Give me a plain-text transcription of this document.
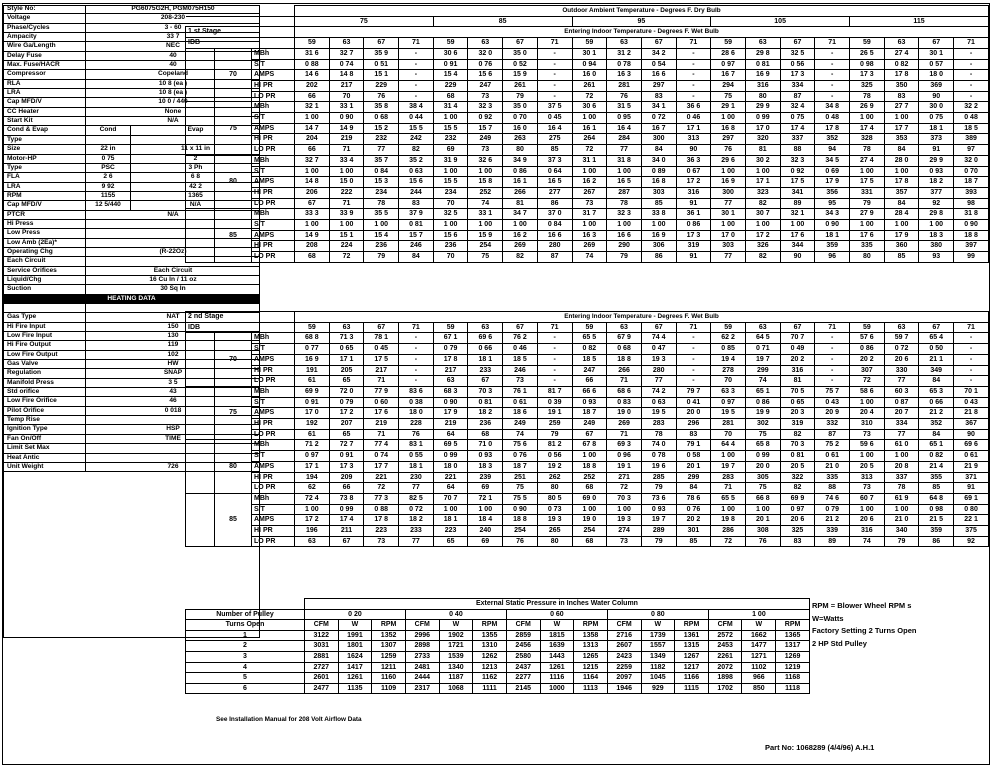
Style No:	PG6075G2H, PGM075H150	
Voltage	208-230	
Phase/Cycles	3 - 60	
Ampacity	33 7	
Wire Ga/Length	NEC	
Delay Fuse	40	
Max. Fuse/HACR	40	
Compressor	Copeland	
RLA	10 8 (ea )	
LRA	10 8 (ea )	
Cap MFD/V	10 0 / 440	
CC Heater	None	
Start Kit	N/A	
Cond & Evap	Cond	Evap
Type		
Size	22 in	11 x 11 in
Motor-HP	0 75	2
Type	PSC	3 Ph
FLA	2 6	6 8
LRA	9 92	42 2
RPM	1155	1365
Cap MFD/V	12 5/440	N/A
PTCR	N/A	
Hi Press		
Low Press		
Low Amb (2Ea)*		
Operating Chg	(R-22Oz)	
Each Circuit		
Service Orifices	Each Circuit	
Liquid/Chg	16 Cu In / 11 oz	
Suction	30 Sq In	
HEATING DATA		

Gas Type	NAT	
Hi Fire Input	150	
Low Fire Input	130	
Hi Fire Output	119	
Low Fire Output	102	
Gas Valve	HW	
Regulation	SNAP	
Manifold Press	3 5	
Std orifice	43	
Low Fire Orifice	46	
Pilot Orifice	0 018	
Temp Rise		
Ignition Type	HSP	
Fan On/Off	TIME	
Limit Set Max		
Heat Antic		
Unit Weight	726	
			Outdoor Ambient Temperature - Degrees F. Dry Bulb																			
			75				85				95				105				115			
1 st Stage			Entering Indoor Temperature - Degrees F. Wet Bulb																			
IDB			59	63	67	71	59	63	67	71	59	63	67	71	59	63	67	71	59	63	67	71
	70	MBh	31 6	32 7	35 9	-	30 6	32 0	35 0	-	30 1	31 2	34 2	-	28 6	29 8	32 5	-	26 5	27 4	30 1	-
		S/T	0 88	0 74	0 51	-	0 91	0 76	0 52	-	0 94	0 78	0 54	-	0 97	0 81	0 56	-	0 98	0 82	0 57	-
		AMPS	14 6	14 8	15 1	-	15 4	15 6	15 9	-	16 0	16 3	16 6	-	16 7	16 9	17 3	-	17 3	17 8	18 0	-
		HI PR	202	217	229	-	229	247	261	-	261	281	297	-	294	316	334	-	325	350	369	-
		LO PR	66	70	76	-	68	73	79	-	72	76	83	-	75	80	87	-	78	83	90	-
	75	MBh	32 1	33 1	35 8	38 4	31 4	32 3	35 0	37 5	30 6	31 5	34 1	36 6	29 1	29 9	32 4	34 8	26 9	27 7	30 0	32 2
		S/T	1 00	0 90	0 68	0 44	1 00	0 92	0 70	0 45	1 00	0 95	0 72	0 46	1 00	0 99	0 75	0 48	1 00	1 00	0 75	0 48
		AMPS	14 7	14 9	15 2	15 5	15 5	15 7	16 0	16 4	16 1	16 4	16 7	17 1	16 8	17 0	17 4	17 8	17 4	17 7	18 1	18 5
		HI PR	204	219	232	242	232	249	263	275	264	284	300	313	297	320	337	352	328	353	373	389
		LO PR	66	71	77	82	69	73	80	85	72	77	84	90	76	81	88	94	78	84	91	97
	80	MBh	32 7	33 4	35 7	35 2	31 9	32 6	34 9	37 3	31 1	31 8	34 0	36 3	29 6	30 2	32 3	34 5	27 4	28 0	29 9	32 0
		S/T	1 00	1 00	0 84	0 63	1 00	1 00	0 86	0 64	1 00	1 00	0 89	0 67	1 00	1 00	0 92	0 69	1 00	1 00	0 93	0 70
		AMPS	14 8	15 0	15 3	15 6	15 5	15 8	16 1	16 5	16 2	16 5	16 8	17 2	16 9	17 1	17 5	17 9	17 5	17 8	18 2	18 7
		HI PR	206	222	234	244	234	252	266	277	267	287	303	316	300	323	341	356	331	357	377	393
		LO PR	67	71	78	83	70	74	81	86	73	78	85	91	77	82	89	95	79	84	92	98
	85	MBh	33 3	33 9	35 5	37 9	32 5	33 1	34 7	37 0	31 7	32 3	33 8	36 1	30 1	30 7	32 1	34 3	27 9	28 4	29 8	31 8
		S/T	1 00	1 00	1 00	0 81	1 00	1 00	1 00	0 84	1 00	1 00	1 00	0 86	1 00	1 00	1 00	0 90	1 00	1 00	1 00	0 90
		AMPS	14 9	15 1	15 4	15 7	15 6	15 9	16 2	16 6	16 3	16 6	16 9	17 3	17 0	17 2	17 6	18 1	17 6	17 9	18 3	18 8
		HI PR	208	224	236	246	236	254	269	280	269	290	306	319	303	326	344	359	335	360	380	397
		LO PR	68	72	79	84	70	75	82	87	74	79	86	91	77	82	90	96	80	85	93	99
2 nd Stage			Entering Indoor Temperature - Degrees F. Wet Bulb																			
IDB			59	63	67	71	59	63	67	71	59	63	67	71	59	63	67	71	59	63	67	71
	70	MBh	68 8	71 3	78 1	-	67 1	69 6	76 2	-	65 5	67 9	74 4	-	62 2	64 5	70 7	-	57 6	59 7	65 4	-
		S/T	0 77	0 65	0 45	-	0 79	0 66	0 46	-	0 82	0 68	0 47	-	0 85	0 71	0 49	-	0 86	0 72	0 50	-
		AMPS	16 9	17 1	17 5	-	17 8	18 1	18 5	-	18 5	18 8	19 3	-	19 4	19 7	20 2	-	20 2	20 6	21 1	-
		HI PR	191	205	217	-	217	233	246	-	247	266	280	-	278	299	316	-	307	330	349	-
		LO PR	61	65	71	-	63	67	73	-	66	71	77	-	70	74	81	-	72	77	84	-
	75	MBh	69 9	72 0	77 9	83 6	68 3	70 3	76 1	81 7	66 6	68 6	74 2	79 7	63 3	65 1	70 5	75 7	58 6	60 3	65 3	70 1
		S/T	0 91	0 79	0 60	0 38	0 90	0 81	0 61	0 39	0 93	0 83	0 63	0 41	0 97	0 86	0 65	0 43	1 00	0 87	0 66	0 43
		AMPS	17 0	17 2	17 6	18 0	17 9	18 2	18 6	19 1	18 7	19 0	19 5	20 0	19 5	19 9	20 3	20 9	20 4	20 7	21 2	21 8
		HI PR	192	207	219	228	219	236	249	259	249	269	283	296	281	302	319	332	310	334	352	367
		LO PR	61	65	71	76	64	68	74	79	67	71	78	83	70	75	82	87	73	77	84	90
	80	MBh	71 2	72 7	77 4	83 1	69 5	71 0	75 6	81 2	67 8	69 3	74 0	79 1	64 4	65 8	70 3	75 2	59 6	61 0	65 1	69 6
		S/T	0 97	0 91	0 74	0 55	0 99	0 93	0 76	0 56	1 00	0 96	0 78	0 58	1 00	0 99	0 81	0 61	1 00	1 00	0 82	0 61
		AMPS	17 1	17 3	17 7	18 1	18 0	18 3	18 7	19 2	18 8	19 1	19 6	20 1	19 7	20 0	20 5	21 0	20 5	20 8	21 4	21 9
		HI PR	194	209	221	230	221	239	251	262	252	271	285	299	283	305	322	335	313	337	355	371
		LO PR	62	66	72	77	64	69	75	80	68	72	79	84	71	75	82	88	73	78	85	91
	85	MBh	72 4	73 8	77 3	82 5	70 7	72 1	75 5	80 5	69 0	70 3	73 6	78 6	65 5	66 8	69 9	74 6	60 7	61 9	64 8	69 1
		S/T	1 00	0 99	0 88	0 72	1 00	1 00	0 90	0 73	1 00	1 00	0 93	0 76	1 00	1 00	0 97	0 79	1 00	1 00	0 98	0 80
		AMPS	17 2	17 4	17 8	18 2	18 1	18 4	18 8	19 3	19 0	19 3	19 7	20 2	19 8	20 1	20 6	21 2	20 6	21 0	21 5	22 1
		HI PR	196	211	223	233	223	240	254	265	254	274	289	301	286	308	325	339	316	340	359	375
		LO PR	63	67	73	77	65	69	76	80	68	73	79	85	72	76	83	89	74	79	86	92
	External Static Pressure in Inches Water Column														
Number of Pulley	0 20			0 40			0 60			0 80			1 00		
Turns Open	CFM	W	RPM	CFM	W	RPM	CFM	W	RPM	CFM	W	RPM	CFM	W	RPM
1	3122	1991	1352	2996	1902	1355	2859	1815	1358	2716	1739	1361	2572	1662	1365
2	3031	1801	1307	2898	1721	1310	2456	1639	1313	2607	1557	1315	2453	1477	1317
3	2881	1624	1259	2733	1539	1262	2580	1443	1265	2423	1349	1267	2261	1271	1269
4	2727	1417	1211	2481	1340	1213	2437	1261	1215	2259	1182	1217	2072	1102	1219
5	2601	1261	1160	2444	1187	1162	2277	1116	1164	2097	1045	1166	1898	966	1168
6	2477	1135	1109	2317	1068	1111	2145	1000	1113	1946	929	1115	1702	850	1118
RPM = Blower Wheel RPM s
W=Watts
Factory Setting 2 Turns Open
2 HP Std Pulley
See Installation Manual for 208 Volt Airflow Data
Part No: 1068289 (4/4/96) A.H.1
